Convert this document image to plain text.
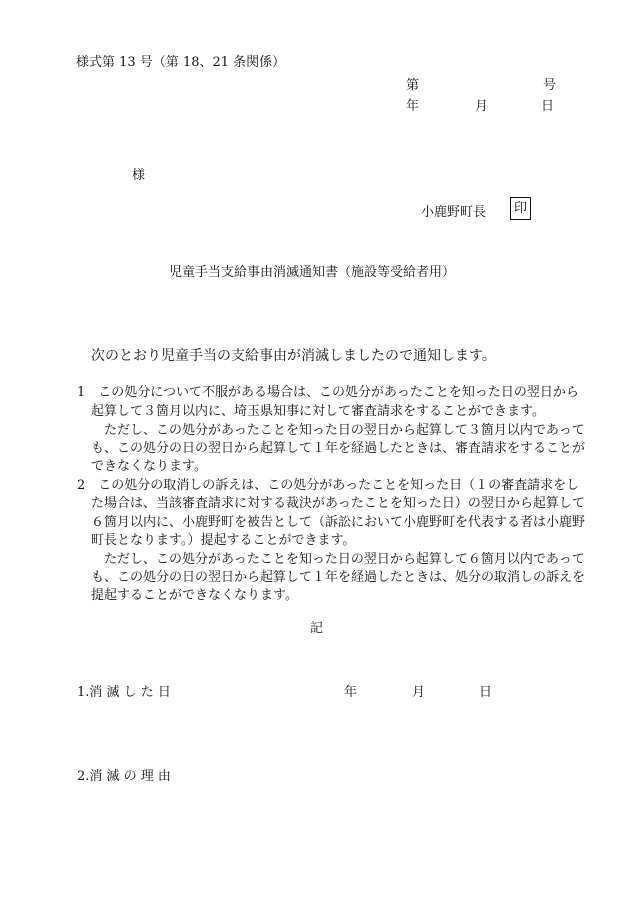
様式第 13 号（第 18、21 条関係）
第	号
年	月	日
様
小鹿野町長	印
児童手当支給事由消滅通知書（施設等受給者用）
次のとおり児童手当の支給事由が消滅しましたので通知します。
1　この処分について不服がある場合は、この処分があったことを知った日の翌日から
起算して３箇月以内に、埼玉県知事に対して審査請求をすることができます。
ただし、この処分があったことを知った日の翌日から起算して３箇月以内であって
も、この処分の日の翌日から起算して１年を経過したときは、審査請求をすることが
できなくなります。
2　この処分の取消しの訴えは、この処分があったことを知った日（１の審査請求をし
た場合は、当該審査請求に対する裁決があったことを知った日）の翌日から起算して
６箇月以内に、小鹿野町を被告として（訴訟において小鹿野町を代表する者は小鹿野
町長となります。）提起することができます。
ただし、この処分があったことを知った日の翌日から起算して６箇月以内であって
も、この処分の日の翌日から起算して１年を経過したときは、処分の取消しの訴えを
提起することができなくなります。
記
1.消 滅 し た 日	年	月	日
2.消 滅 の 理 由
